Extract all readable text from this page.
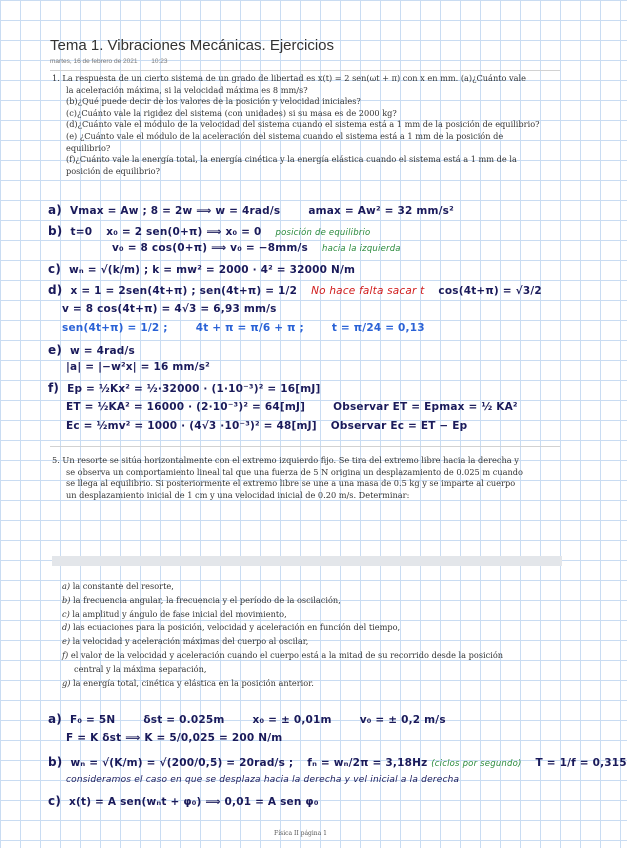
Tema 1. Vibraciones Mecánicas. Ejercicios
martes, 16 de febrero de 2021 10:23

1. La respuesta de un cierto sistema de un grado de libertad es x(t) = 2 sen(ωt + π) con x en mm. (a)¿Cuánto vale

la aceleración máxima, si la velocidad máxima es 8 mm/s?

(b)¿Qué puede decir de los valores de la posición y velocidad iniciales?

(c)¿Cuánto vale la rigidez del sistema (con unidades) si su masa es de 2000 kg?

(d)¿Cuánto vale el módulo de la velocidad del sistema cuando el sistema está a 1 mm de la posición de equilibrio?

(e) ¿Cuánto vale el módulo de la aceleración del sistema cuando el sistema está a 1 mm de la posición de

equilibrio?

(f)¿Cuánto vale la energía total, la energía cinética y la energía elástica cuando el sistema está a 1 mm de la

posición de equilibrio?

a) Vmax = Aw ; 8 = 2w ⟹ w = 4rad/s	amax = Aw² = 32 mm/s²
b) t=0 x₀ = 2 sen(0+π) ⟹ x₀ = 0 posición de equilibrio
v₀ = 8 cos(0+π) ⟹ v₀ = −8mm/s hacia la izquierda
c) wₙ = √(k/m) ; k = mw² = 2000 · 4² = 32000 N/m
d) x = 1 = 2sen(4t+π) ; sen(4t+π) = 1/2 No hace falta sacar t cos(4t+π) = √3/2
v = 8 cos(4t+π) = 4√3 = 6,93 mm/s
sen(4t+π) = 1/2 ;	4t + π = π/6 + π ;	t = π/24 = 0,13
e) w = 4rad/s
|a| = |−w²x| = 16 mm/s²
f) Ep = ½Kx² = ½·32000 · (1·10⁻³)² = 16[mJ]
ET = ½KA² = 16000 · (2·10⁻³)² = 64[mJ]	Observar ET = Epmax = ½ KA²
Ec = ½mv² = 1000 · (4√3 ·10⁻³)² = 48[mJ] Observar Ec = ET − Ep

5. Un resorte se sitúa horizontalmente con el extremo izquierdo fijo. Se tira del extremo libre hacia la derecha y

se observa un comportamiento lineal tal que una fuerza de 5 N origina un desplazamiento de 0.025 m cuando

se llega al equilibrio. Si posteriormente el extremo libre se une a una masa de 0.5 kg y se imparte al cuerpo

un desplazamiento inicial de 1 cm y una velocidad inicial de 0.20 m/s. Determinar:

a) la constante del resorte,

b) la frecuencia angular, la frecuencia y el período de la oscilación,

c) la amplitud y ángulo de fase inicial del movimiento,

d) las ecuaciones para la posición, velocidad y aceleración en función del tiempo,

e) la velocidad y aceleración máximas del cuerpo al oscilar,

f) el valor de la velocidad y aceleración cuando el cuerpo está a la mitad de su recorrido desde la posición

central y la máxima separación,

g) la energía total, cinética y elástica en la posición anterior.

a) F₀ = 5N	δst = 0.025m	x₀ = ± 0,01m	v₀ = ± 0,2 m/s
F = K δst ⟹ K = 5/0,025 = 200 N/m
b) wₙ = √(K/m) = √(200/0,5) = 20rad/s ; fₙ = wₙ/2π = 3,18Hz (ciclos por segundo) T = 1/f = 0,315
consideramos el caso en que se desplaza hacia la derecha y vel inicial a la derecha
c) x(t) = A sen(wₙt + φ₀) ⟹ 0,01 = A sen φ₀
Física II página 1
